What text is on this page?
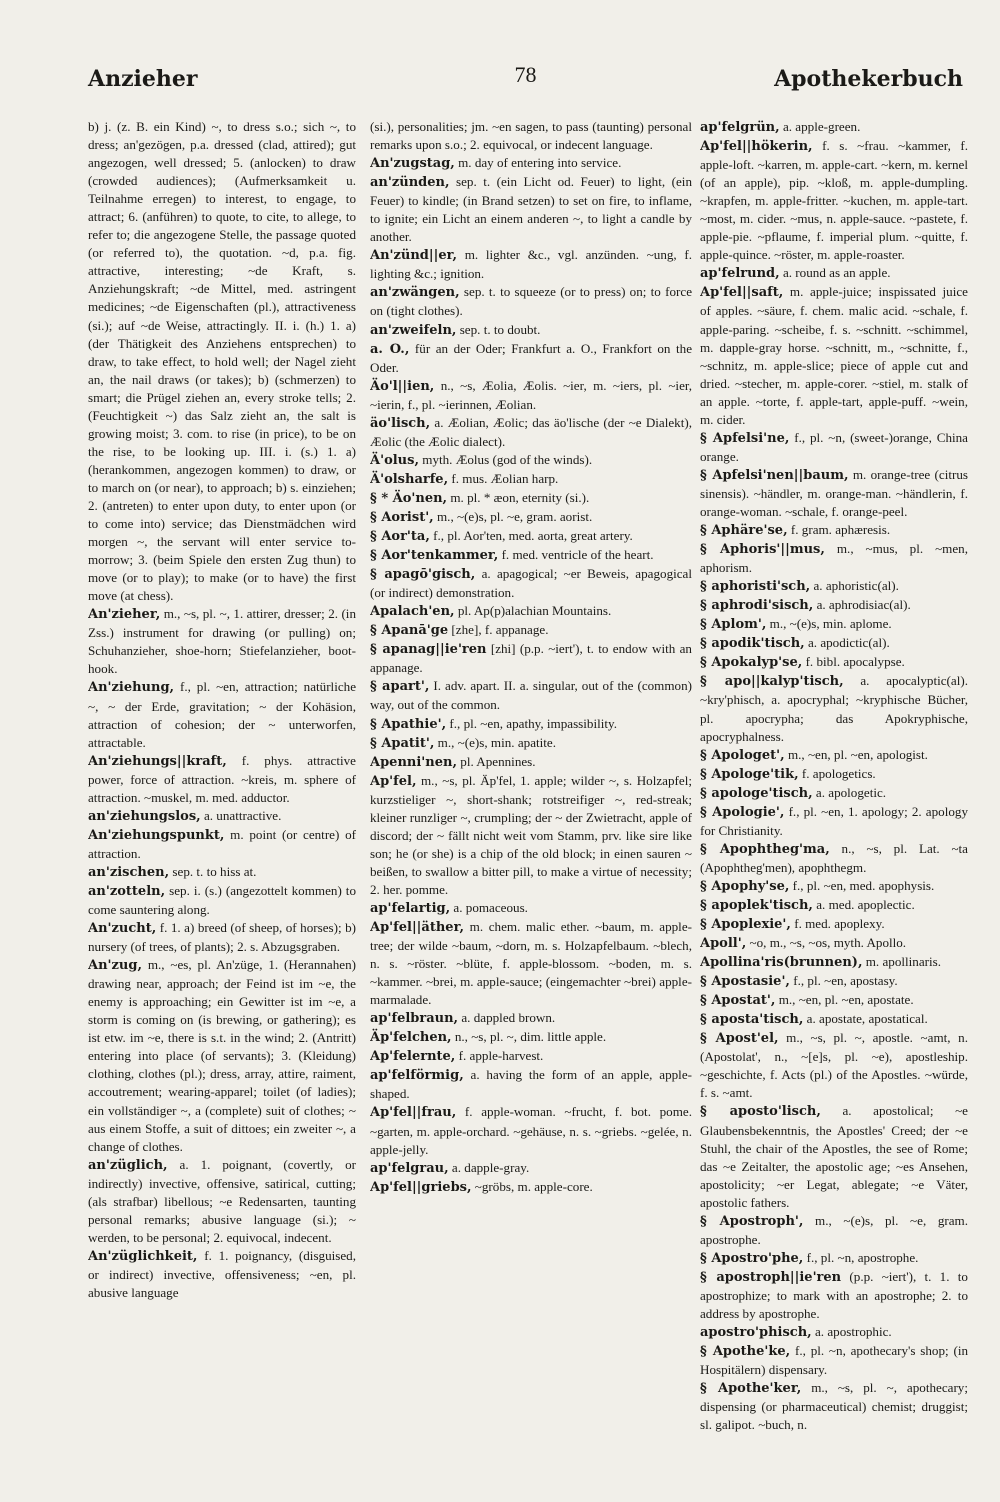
Anzieher	78	Apothekerbuch

b) j. (z. B. ein Kind) ~, to dress s.o.; sich ~, to dress; an'gezögen, p.a. dressed (clad, attired); gut angezogen, well dressed; 5. (anlocken) to draw (crowded audiences); (Aufmerksamkeit u. Teilnahme erregen) to interest, to engage, to attract; 6. (anführen) to quote, to cite, to allege, to refer to; die angezogene Stelle, the passage quoted (or referred to), the quotation. ~d, p.a. fig. attractive, interesting; ~de Kraft, s. Anziehungskraft; ~de Mittel, med. astringent medicines; ~de Eigenschaften (pl.), attractiveness (si.); auf ~de Weise, attractingly. II. i. (h.) 1. a) (der Thätigkeit des Anziehens entsprechen) to draw, to take effect, to hold well; der Nagel zieht an, the nail draws (or takes); b) (schmerzen) to smart; die Prügel ziehen an, every stroke tells; 2. (Feuchtigkeit ~) das Salz zieht an, the salt is growing moist; 3. com. to rise (in price), to be on the rise, to be looking up. III. i. (s.) 1. a) (herankommen, angezogen kommen) to draw, or to march on (or near), to approach; b) s. einziehen; 2. (antreten) to enter upon duty, to enter upon (or to come into) service; das Dienstmädchen wird morgen ~, the servant will enter service to-morrow; 3. (beim Spiele den ersten Zug thun) to move (or to play); to make (or to have) the first move (at chess).

An'zieher, m., ~s, pl. ~, 1. attirer, dresser; 2. (in Zss.) instrument for drawing (or pulling) on; Schuhanzieher, shoe-horn; Stiefelanzieher, boot-hook.

An'ziehung, f., pl. ~en, attraction; natürliche ~, ~ der Erde, gravitation; ~ der Kohäsion, attraction of cohesion; der ~ unterworfen, attractable.

An'ziehungs||kraft, f. phys. attractive power, force of attraction. ~kreis, m. sphere of attraction. ~muskel, m. med. adductor.

an'ziehungslos, a. unattractive.

An'ziehungspunkt, m. point (or centre) of attraction.

an'zischen, sep. t. to hiss at.

an'zotteln, sep. i. (s.) (angezottelt kommen) to come sauntering along.

An'zucht, f. 1. a) breed (of sheep, of horses); b) nursery (of trees, of plants); 2. s. Abzugsgraben.

An'zug, m., ~es, pl. An'züge, 1. (Herannahen) drawing near, approach; der Feind ist im ~e, the enemy is approaching; ein Gewitter ist im ~e, a storm is coming on (is brewing, or gathering); es ist etw. im ~e, there is s.t. in the wind; 2. (Antritt) entering into place (of servants); 3. (Kleidung) clothing, clothes (pl.); dress, array, attire, raiment, accoutrement; wearing-apparel; toilet (of ladies); ein vollständiger ~, a (complete) suit of clothes; ~ aus einem Stoffe, a suit of dittoes; ein zweiter ~, a change of clothes.

an'züglich, a. 1. poignant, (covertly, or indirectly) invective, offensive, satirical, cutting; (als strafbar) libellous; ~e Redensarten, taunting personal remarks; abusive language (si.); ~ werden, to be personal; 2. equivocal, indecent.

An'züglichkeit, f. 1. poignancy, (disguised, or indirect) invective, offensiveness; ~en, pl. abusive language

(si.), personalities; jm. ~en sagen, to pass (taunting) personal remarks upon s.o.; 2. equivocal, or indecent language.

An'zugstag, m. day of entering into service.

an'zünden, sep. t. (ein Licht od. Feuer) to light, (ein Feuer) to kindle; (in Brand setzen) to set on fire, to inflame, to ignite; ein Licht an einem anderen ~, to light a candle by another.

An'zünd||er, m. lighter &c., vgl. anzünden. ~ung, f. lighting &c.; ignition.

an'zwängen, sep. t. to squeeze (or to press) on; to force on (tight clothes).

an'zweifeln, sep. t. to doubt.

a. O., für an der Oder; Frankfurt a. O., Frankfort on the Oder.

Äo'l||ien, n., ~s, Æolia, Æolis. ~ier, m. ~iers, pl. ~ier, ~ierin, f., pl. ~ierinnen, Æolian.

äo'lisch, a. Æolian, Æolic; das äo'lische (der ~e Dialekt), Æolic (the Æolic dialect).

Ä'olus, myth. Æolus (god of the winds).

Ä'olsharfe, f. mus. Æolian harp.

§ * Äo'nen, m. pl. * æon, eternity (si.).

§ Aorist', m., ~(e)s, pl. ~e, gram. aorist.

§ Aor'ta, f., pl. Aor'ten, med. aorta, great artery.

§ Aor'tenkammer, f. med. ventricle of the heart.

§ apagō'gisch, a. apagogical; ~er Beweis, apagogical (or indirect) demonstration.

Apalach'en, pl. Ap(p)alachian Mountains.

§ Apanā'ge [zhe], f. appanage.

§ apanag||ie'ren [zhi] (p.p. ~iert'), t. to endow with an appanage.

§ apart', I. adv. apart. II. a. singular, out of the (common) way, out of the common.

§ Apathie', f., pl. ~en, apathy, impassibility.

§ Apatit', m., ~(e)s, min. apatite.

Apenni'nen, pl. Apennines.

Ap'fel, m., ~s, pl. Äp'fel, 1. apple; wilder ~, s. Holzapfel; kurzstieliger ~, short-shank; rotstreifiger ~, red-streak; kleiner runzliger ~, crumpling; der ~ der Zwietracht, apple of discord; der ~ fällt nicht weit vom Stamm, prv. like sire like son; he (or she) is a chip of the old block; in einen sauren ~ beißen, to swallow a bitter pill, to make a virtue of necessity; 2. her. pomme.

ap'felartig, a. pomaceous.

Ap'fel||äther, m. chem. malic ether. ~baum, m. apple-tree; der wilde ~baum, ~dorn, m. s. Holzapfelbaum. ~blech, n. s. ~röster. ~blüte, f. apple-blossom. ~boden, m. s. ~kammer. ~brei, m. apple-sauce; (eingemachter ~brei) apple-marmalade.

ap'felbraun, a. dappled brown.

Äp'felchen, n., ~s, pl. ~, dim. little apple.

Ap'felernte, f. apple-harvest.

ap'felförmig, a. having the form of an apple, apple-shaped.

Ap'fel||frau, f. apple-woman. ~frucht, f. bot. pome. ~garten, m. apple-orchard. ~gehäuse, n. s. ~griebs. ~gelée, n. apple-jelly.

ap'felgrau, a. dapple-gray.

Ap'fel||griebs, ~gröbs, m. apple-core.

ap'felgrün, a. apple-green.

Ap'fel||hökerin, f. s. ~frau. ~kammer, f. apple-loft. ~karren, m. apple-cart. ~kern, m. kernel (of an apple), pip. ~kloß, m. apple-dumpling. ~krapfen, m. apple-fritter. ~kuchen, m. apple-tart. ~most, m. cider. ~mus, n. apple-sauce. ~pastete, f. apple-pie. ~pflaume, f. imperial plum. ~quitte, f. apple-quince. ~röster, m. apple-roaster.

ap'felrund, a. round as an apple.

Ap'fel||saft, m. apple-juice; inspissated juice of apples. ~säure, f. chem. malic acid. ~schale, f. apple-paring. ~scheibe, f. s. ~schnitt. ~schimmel, m. dapple-gray horse. ~schnitt, m., ~schnitte, f., ~schnitz, m. apple-slice; piece of apple cut and dried. ~stecher, m. apple-corer. ~stiel, m. stalk of an apple. ~torte, f. apple-tart, apple-puff. ~wein, m. cider.

§ Apfelsi'ne, f., pl. ~n, (sweet-)orange, China orange.

§ Apfelsi'nen||baum, m. orange-tree (citrus sinensis). ~händler, m. orange-man. ~händlerin, f. orange-woman. ~schale, f. orange-peel.

§ Aphäre'se, f. gram. aphæresis.

§ Aphoris'||mus, m., ~mus, pl. ~men, aphorism.

§ aphoristi'sch, a. aphoristic(al).

§ aphrodi'sisch, a. aphrodisiac(al).

§ Aplom', m., ~(e)s, min. aplome.

§ apodik'tisch, a. apodictic(al).

§ Apokalyp'se, f. bibl. apocalypse.

§ apo||kalyp'tisch, a. apocalyptic(al). ~kry'phisch, a. apocryphal; ~kryphische Bücher, pl. apocrypha; das Apokryphische, apocryphalness.

§ Apologet', m., ~en, pl. ~en, apologist.

§ Apologe'tik, f. apologetics.

§ apologe'tisch, a. apologetic.

§ Apologie', f., pl. ~en, 1. apology; 2. apology for Christianity.

§ Apophtheg'ma, n., ~s, pl. Lat. ~ta (Apophtheg'men), apophthegm.

§ Apophy'se, f., pl. ~en, med. apophysis.

§ apoplek'tisch, a. med. apoplectic.

§ Apoplexie', f. med. apoplexy.

Apoll', ~o, m., ~s, ~os, myth. Apollo.

Apollina'ris(brunnen), m. apollinaris.

§ Apostasie', f., pl. ~en, apostasy.

§ Apostat', m., ~en, pl. ~en, apostate.

§ aposta'tisch, a. apostate, apostatical.

§ Apost'el, m., ~s, pl. ~, apostle. ~amt, n. (Apostolat', n., ~[e]s, pl. ~e), apostleship. ~geschichte, f. Acts (pl.) of the Apostles. ~würde, f. s. ~amt.

§ aposto'lisch, a. apostolical; ~e Glaubensbekenntnis, the Apostles' Creed; der ~e Stuhl, the chair of the Apostles, the see of Rome; das ~e Zeitalter, the apostolic age; ~es Ansehen, apostolicity; ~er Legat, ablegate; ~e Väter, apostolic fathers.

§ Apostroph', m., ~(e)s, pl. ~e, gram. apostrophe.

§ Apostro'phe, f., pl. ~n, apostrophe.

§ apostroph||ie'ren (p.p. ~iert'), t. 1. to apostrophize; to mark with an apostrophe; 2. to address by apostrophe.

apostro'phisch, a. apostrophic.

§ Apothe'ke, f., pl. ~n, apothecary's shop; (in Hospitälern) dispensary.

§ Apothe'ker, m., ~s, pl. ~, apothecary; dispensing (or pharmaceutical) chemist; druggist; sl. galipot. ~buch, n.
